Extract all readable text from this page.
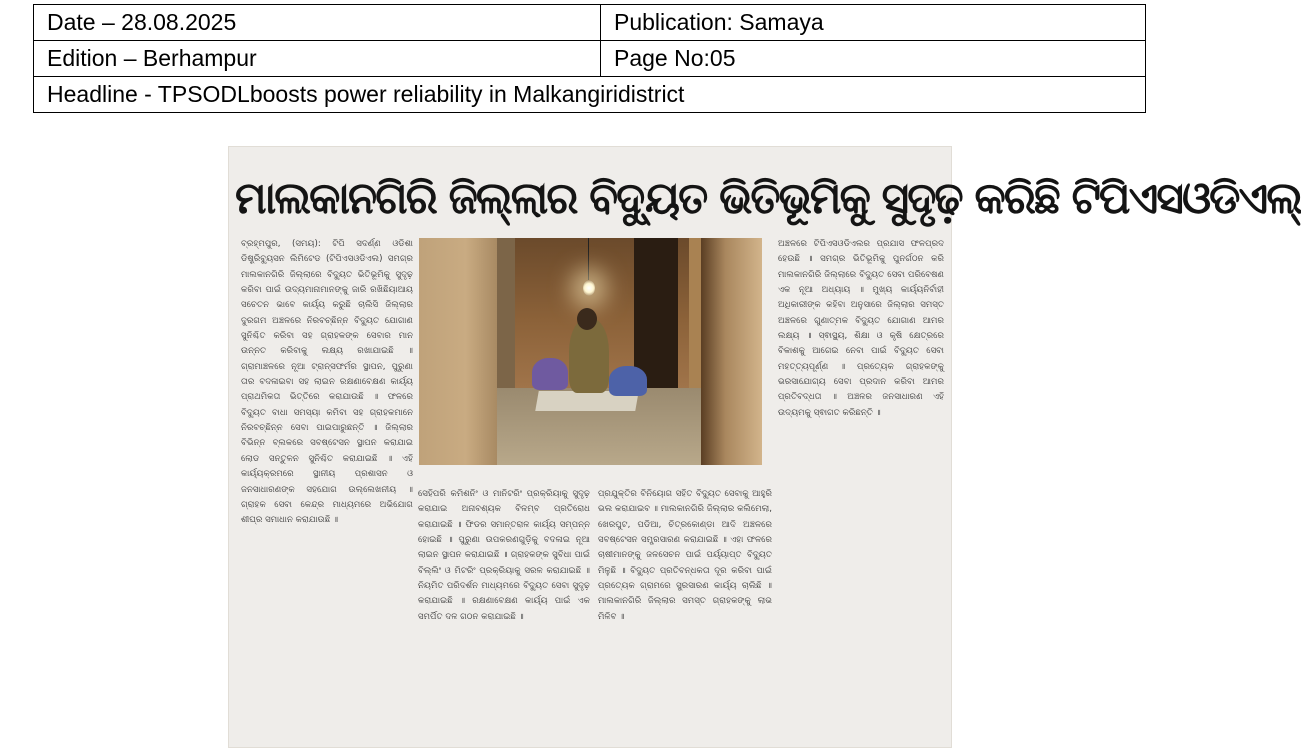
Date – 28.08.2025	Publication: Samaya
Edition – Berhampur	Page No:05
Headline - TPSODLboosts power reliability in Malkangiridistrict	
ମାଲକାନଗିରି ଜିଲ୍ଲାର ବିଦ୍ୟୁତ ଭିତିଭୂମିକୁ ସୁଦୃଢ଼ କରିଛି ଟିପିଏସଓଡିଏଲ୍
ବ୍ରହ୍ମପୁର, (ସମୟ): ଟିପି ସଦର୍ଣ୍ଣ ଓଡିଶା ଡିଷ୍ଟ୍ରିବ୍ୟୁସନ ଲିମିଟେଡ (ଟିପିଏସଓଡିଏଲ) ସମଗ୍ର ମାଲକାନଗିରି ଜିଲ୍ଲାରେ ବିଦ୍ୟୁତ ଭିତିଭୂମିକୁ ସୁଦୃଢ଼ କରିବା ପାଇଁ ଉଦ୍ୟମାନାମାନଙ୍କୁ ଜାରି ରଖିଛିୟାଆୟ ସଚେତନ ଭାବେ କାର୍ୟ୍ୟ କରୁଛି ଚାଲିସି ଜିଲ୍ଲାର ଦୁରଗମ ଅଞ୍ଚଳରେ ନିରବଚ୍ଛିନ୍ନ ବିଦ୍ୟୁତ ଯୋଗାଣ ସୁନିଶ୍ଚିତ କରିବା ସହ ଗ୍ରାହକଙ୍କ ସେବାର ମାନ ଉନ୍ନତ କରିବାକୁ ଲକ୍ଷ୍ୟ ରଖାଯାଇଛି ॥ ଗ୍ରାମାଞ୍ଚଳରେ ନୂଆ ଟ୍ରାନ୍ସଫର୍ମର ସ୍ଥାପନ, ପୁରୁଣା ତାର ବଦଳାଇବା ସହ ଲାଇନ ରକ୍ଷଣାବେକ୍ଷଣ କାର୍ୟ୍ୟ ପ୍ରାଥମିକତା ଭିତ୍ତିରେ କରାଯାଉଛି ॥ ଫଳରେ ବିଦ୍ୟୁତ ବାଧା ସମସ୍ୟା କମିବା ସହ ଗ୍ରାହକମାନେ ନିରବଚ୍ଛିନ୍ନ ସେବା ପାଇପାରୁଛନ୍ତି ॥ ଜିଲ୍ଲାର ବିଭିନ୍ନ ବ୍ଲକରେ ସବଷ୍ଟେସନ ସ୍ଥାପନ କରାଯାଇ ଲୋଡ ସନ୍ତୁଳନ ସୁନିଶ୍ଚିତ କରାଯାଇଛି ॥ ଏହି କାର୍ୟ୍ୟକ୍ରମରେ ସ୍ଥାନୀୟ ପ୍ରଶାସନ ଓ ଜନସାଧାରଣଙ୍କ ସହଯୋଗ ଉଲ୍ଲେଖନୀୟ ॥ ଗ୍ରାହକ ସେବା କେନ୍ଦ୍ର ମାଧ୍ୟମରେ ଅଭିଯୋଗ ଶୀଘ୍ର ସମାଧାନ କରାଯାଉଛି ॥
ସେହିପରି କମିଶନିଂ ଓ ମାନିଟରିଂ ପ୍ରକ୍ରିୟାକୁ ସୁଦୃଢ଼ କରାଯାଇ ଅନାବଶ୍ୟକ ବିଳମ୍ବ ପ୍ରତିରୋଧ କରାଯାଇଛି ॥ ଫିଡର ସମାନ୍ତରାଳ କାର୍ୟ୍ୟ ସମ୍ପନ୍ନ ହୋଇଛି ॥ ପୁରୁଣା ଉପକରଣଗୁଡ଼ିକୁ ବଦଳାଇ ନୂଆ ଲାଇନ ସ୍ଥାପନ କରାଯାଇଛି ॥ ଗ୍ରାହକଙ୍କ ସୁବିଧା ପାଇଁ ବିଲ୍ଲିଂ ଓ ମିଟରିଂ ପ୍ରକ୍ରିୟାକୁ ସରଳ କରାଯାଇଛି ॥ ନିୟମିତ ପରିଦର୍ଶନ ମାଧ୍ୟମରେ ବିଦ୍ୟୁତ ସେବା ସୁଦୃଢ଼ କରାଯାଇଛି ॥ ରକ୍ଷଣାବେକ୍ଷଣ କାର୍ୟ୍ୟ ପାଇଁ ଏକ ସମର୍ପିତ ଦଳ ଗଠନ କରାଯାଇଛି ॥
ପ୍ରଯୁକ୍ତିର ବିନିୟୋଗ ସହିତ ବିଦ୍ୟୁତ ସେବାକୁ ଆହୁରି ଭଲ କରାଯାଇବ ॥ ମାଲକାନଗିରି ଜିଲ୍ଲାର କଲିମେଲା, ଖେରପୁଟ, ପଡିଆ, ଚିତ୍ରକୋଣ୍ଡା ଆଦି ଅଞ୍ଚଳରେ ସବଷ୍ଟେସନ ସମ୍ପ୍ରସାରଣ କରାଯାଇଛି ॥ ଏହା ଫଳରେ ଚାଷୀମାନଙ୍କୁ ଜଳସେଚନ ପାଇଁ ପର୍ୟ୍ୟାପ୍ତ ବିଦ୍ୟୁତ ମିଳୁଛି ॥ ବିଦ୍ୟୁତ ପ୍ରତିବନ୍ଧକତା ଦୂର କରିବା ପାଇଁ ପ୍ରତ୍ୟେକ ଗ୍ରାମରେ ସ୍ପ୍ରସାରଣ କାର୍ୟ୍ୟ ଚାଲିଛି ॥ ମାଲକାନଗିରି ଜିଲ୍ଲାର ସମସ୍ତ ଗ୍ରାହକଙ୍କୁ ଲାଭ ମିଳିବ ॥
ଅଞ୍ଚଳରେ ଟିପିଏସଓଡିଏଲର ପ୍ରଯାସ ଫଳପ୍ରଦ ହେଉଛି ॥ ସମଗ୍ର ଭିତିଭୂମିକୁ ପୁନର୍ଗଠନ କରି ମାଲକାନଗିରି ଜିଲ୍ଲାରେ ବିଦ୍ୟୁତ ସେବା ପରିବେଷଣ ଏକ ନୂଆ ଅଧ୍ୟାୟ ॥ ମୁଖ୍ୟ କାର୍ୟ୍ୟନିର୍ବାହୀ ଅଧିକାରୀଙ୍କ କହିବା ଅନୁସାରେ ଜିଲ୍ଲାର ସମସ୍ତ ଅଞ୍ଚଳରେ ଗୁଣାତ୍ମକ ବିଦ୍ୟୁତ ଯୋଗାଣ ଆମର ଲକ୍ଷ୍ୟ ॥ ସ୍ଵାସ୍ଥ୍ୟ, ଶିକ୍ଷା ଓ କୃଷି କ୍ଷେତ୍ରରେ ବିକାଶକୁ ଆଗେଇ ନେବା ପାଇଁ ବିଦ୍ୟୁତ ସେବା ମହତ୍ତ୍ୟପୂର୍ଣ୍ଣ ॥ ପ୍ରତ୍ୟେକ ଗ୍ରାହକଙ୍କୁ ଭରସାଯୋଗ୍ୟ ସେବା ପ୍ରଦାନ କରିବା ଆମର ପ୍ରତିବଦ୍ଧତା ॥ ଅଞ୍ଚଳର ଜନସାଧାରଣ ଏହି ଉଦ୍ୟମକୁ ସ୍ଵାଗତ କରିଛନ୍ତି ॥
